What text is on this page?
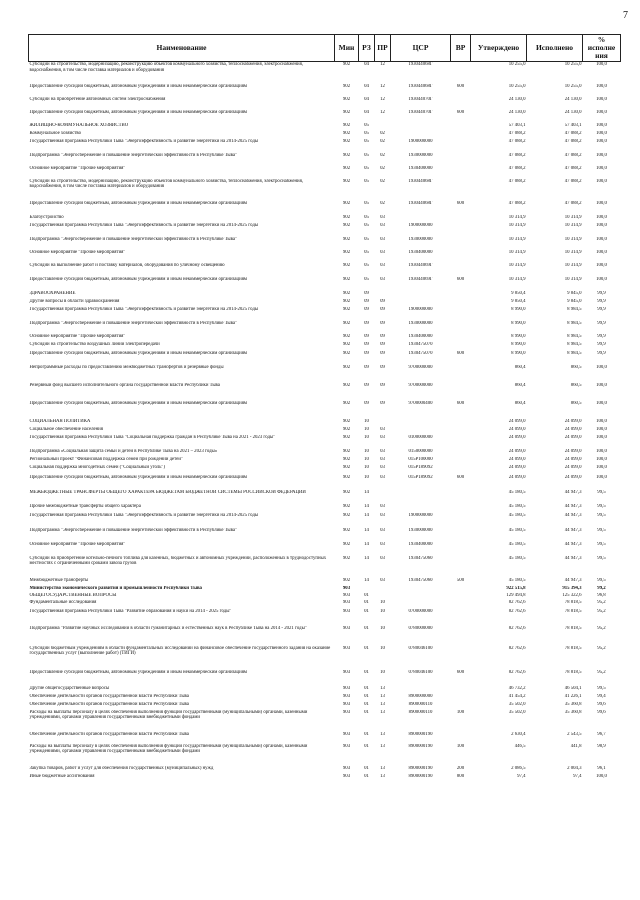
7
Наименование	Мин	РЗ	ПР	ЦСР	ВР	Утверждено	Исполнено	% исполне ния
Субсидии на строительство, модернизацию, реконструкцию объектов коммунального хозяйства, теплоснабжения, электроснабжения, водоснабжения, в том числе поставка материалов и оборудования	902	04	12	193044068Г		10 255,0	10 255,0	100,0
Предоставление субсидий бюджетным, автономным учреждениям и иным некоммерческим организациям	902	04	12	193044068Г	600	10 255,0	10 255,0	100,0
Субсидии на приобретение автономных систем электроснабжения	902	04	12	193044070Г		24 130,0	24 130,0	100,0
Предоставление субсидий бюджетным, автономным учреждениям и иным некоммерческим организациям	902	04	12	193044070Г	600	24 130,0	24 130,0	100,0
ЖИЛИЩНО-КОММУНАЛЬНОЕ ХОЗЯЙСТВО	902	05				57 403,1	57 403,1	100,0
Коммунальное хозяйство	902	05	02			47 088,2	47 088,2	100,0
Государственная программа Республики Тыва "Энергоэффективность и развитие энергетики на 2014-2025 годы	902	05	02	1900000000		47 088,2	47 088,2	100,0
Подпрограмма "Энергосбережение и повышение энергетической эффективности в Республике Тыва"	902	05	02	1930000000		47 088,2	47 088,2	100,0
Основное мероприятие "Прочие мероприятия"	902	05	02	1930400000		47 088,2	47 088,2	100,0
Субсидии на строительство, модернизацию, реконструкцию объектов коммунального хозяйства, теплоснабжения, электроснабжения, водоснабжения, в том числе поставка материалов и оборудования	902	05	02	193044068Г		47 088,2	47 088,2	100,0
Предоставление субсидий бюджетным, автономным учреждениям и иным некоммерческим организациям	902	05	02	193044068Г	600	47 088,2	47 088,2	100,0
Благоустройство	902	05	03			10 314,9	10 314,9	100,0
Государственная программа Республики Тыва "Энергоэффективность и развитие энергетики на 2014-2025 годы	902	05	03	1900000000		10 314,9	10 314,9	100,0
Подпрограмма "Энергосбережение и повышение энергетической эффективности в Республике Тыва"	902	05	03	1930000000		10 314,9	10 314,9	100,0
Основное мероприятие "Прочие мероприятия"	902	05	03	1930400000		10 314,9	10 314,9	100,0
Субсидии на выполнение работ и поставку материалов, оборудования по уличному освещению	902	05	03	193044069Г		10 314,9	10 314,9	100,0
Предоставление субсидий бюджетным, автономным учреждениям и иным некоммерческим организациям	902	05	03	193044069Г	600	10 314,9	10 314,9	100,0
ЗДРАВООХРАНЕНИЕ	902	09				9 850,4	9 845,0	99,9
Другие вопросы в области здравоохранения	902	09	09			9 850,4	9 845,0	99,9
Государственная программа Республики Тыва "Энергоэффективность и развитие энергетики на 2014-2025 годы	902	09	09	1900000000		8 990,0	8 984,5	99,9
Подпрограмма "Энергосбережение и повышение энергетической эффективности в Республике Тыва"	902	09	09	1930000000		8 990,0	8 984,5	99,9
Основное мероприятие "Прочие мероприятия"	902	09	09	1930400000		8 990,0	8 984,5	99,9
Субсидии на строительство воздушных линий электропередачи	902	09	09	1930475070		8 990,0	8 984,5	99,9
Предоставление субсидий бюджетным, автономным учреждениям и иным некоммерческим организациям	902	09	09	1930475070	600	8 990,0	8 984,5	99,9
Непрограммные расходы по предоставлению межбюджетных трансфертов и резервные фонды	902	09	09	9700000000		860,4	860,5	100,0
Резервный фонд высшего исполнительного органа государственной власти Республики Тыва	902	09	09	9700000000		860,4	860,5	100,0
Предоставление субсидий бюджетным, автономным учреждениям и иным некоммерческим организациям	902	09	09	9700000400	600	860,4	860,5	100,0
СОЦИАЛЬНАЯ ПОЛИТИКА	902	10				24 099,0	24 099,0	100,0
Социальное обеспечение населения	902	10	03			24 099,0	24 099,0	100,0
Государственная программа Республики Тыва "Социальная поддержка граждан в Республике Тыва на 2021 - 2023 годы"	902	10	03	0100000000		24 099,0	24 099,0	100,0
Подпрограмма «Социальная защита семьи и детей в Республике Тыва на 2021 – 2023 годы»	902	10	03	0150000000		24 099,0	24 099,0	100,0
Региональный проект "Финансовая поддержка семей при рождении детей"	902	10	03	015P100000		24 099,0	24 099,0	100,0
Социальная поддержка многодетных семей ("Социальный уголь")	902	10	03	015P189092		24 099,0	24 099,0	100,0
Предоставление субсидий бюджетным, автономным учреждениям и иным некоммерческим организациям	902	10	03	015P189092	600	24 099,0	24 099,0	100,0
МЕЖБЮДЖЕТНЫЕ ТРАНСФЕРТЫ ОБЩЕГО ХАРАКТЕРА БЮДЖЕТАМ БЮДЖЕТНОЙ СИСТЕМЫ РОССИЙСКОЙ ФЕДЕРАЦИИ	902	14				45 180,5	44 947,3	99,5
Прочие межбюджетные трансферты общего характера	902	14	03			45 180,5	44 947,3	99,5
Государственная программа Республики Тыва "Энергоэффективность и развитие энергетики на 2014-2025 годы	902	14	03	1900000000		45 180,5	44 947,3	99,5
Подпрограмма "Энергосбережение и повышение энергетической эффективности в Республике Тыва"	902	14	03	1930000000		45 180,5	44 947,3	99,5
Основное мероприятие "Прочие мероприятия"	902	14	03	1930400000		45 180,5	44 947,3	99,5
Субсидии на приобретение котельно-печного топлива для казенных, бюджетных и автономных учреждений, расположенных в труднодоступных местностях с ограниченными сроками завоза грузов	902	14	03	1930475060		45 180,5	44 947,3	99,5
Межбюджетные трансферты	902	14	03	1930475060	500	45 180,5	44 947,3	99,5
Министерство экономического развития и промышленности Республики Тыва	903					922 515,8	915 394,3	99,2
ОБЩЕГОСУДАРСТВЕННЫЕ ВОПРОСЫ	903	01				129 494,8	125 322,6	96,8
Фундаментальные исследования	903	01	10			82 762,6	78 818,5	95,2
Государственная программа Республики Тыва "Развитие образования и науки на 2014 - 2025 годы"	903	01	10	0700000000		82 762,6	78 818,5	95,2
Подпрограмма "Развитие научных исследований в области гуманитарных и естественных наук в Республике Тыва на 2014 - 2021 годы"	903	01	10	0780000000		82 762,6	78 818,5	95,2
Субсидии бюджетным учреждениям в области фундаментальных исследований на финансовое обеспечение государственного задания на оказание государственных услуг (выполнение работ) (ТИГИ)	903	01	10	0780046100		82 762,6	78 818,5	95,2
Предоставление субсидий бюджетным, автономным учреждениям и иным некоммерческим организациям	903	01	10	0780046100	600	82 762,6	78 818,5	95,2
Другие общегосударственные вопросы	903	01	13			46 732,2	46 504,1	99,5
Обеспечение деятельности органов государственной власти Республики Тыва	903	01	13	8900000000		41 454,2	41 226,1	99,4
Обеспечение деятельности органов государственной власти Республики Тыва	903	01	13	8900000110		35 502,0	35 360,8	99,6
Расходы на выплаты персоналу в целях обеспечения выполнения функций государственными (муниципальными) органами, казенными учреждениями, органами управления государственными внебюджетными фондами	903	01	13	8900000110	100	35 502,0	35 360,8	99,6
Обеспечение деятельности органов государственной власти Республики Тыва	903	01	13	8900000190		2 630,4	2 543,5	96,7
Расходы на выплаты персоналу в целях обеспечения выполнения функций государственными (муниципальными) органами, казенными учреждениями, органами управления государственными внебюджетными фондами	903	01	13	8900000190	100	446,5	441,8	98,9
Закупка товаров, работ и услуг для обеспечения государственных (муниципальных) нужд	903	01	13	8900000190	200	2 086,5	2 004,3	96,1
Иные бюджетные ассигнования	903	01	13	8900000190	800	97,4	97,4	100,0
